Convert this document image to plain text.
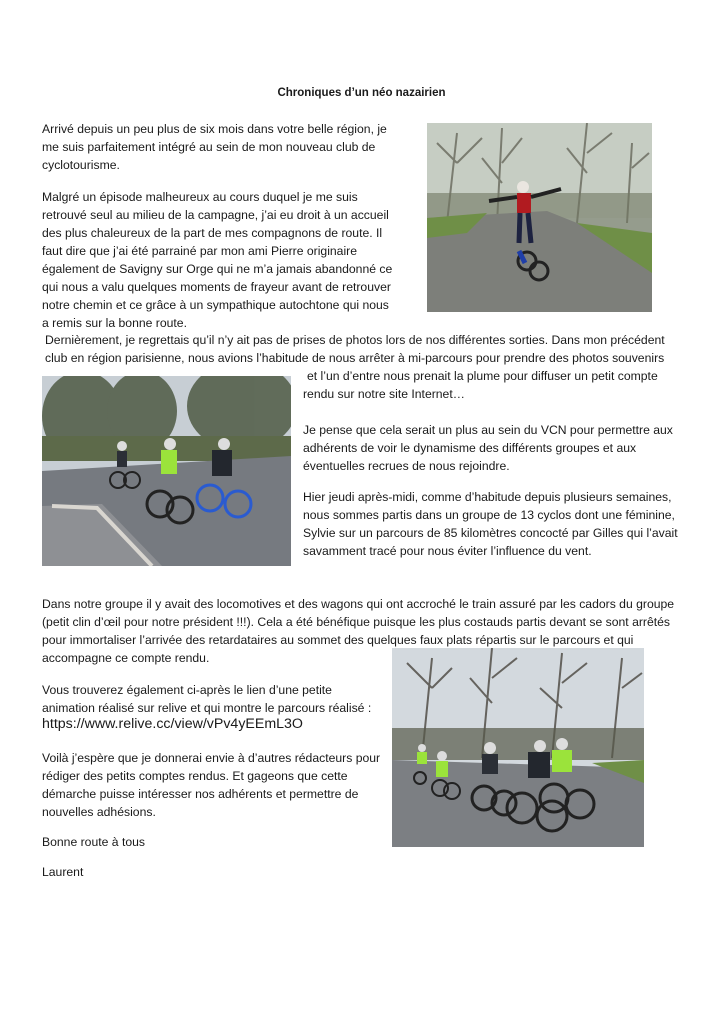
Chroniques d’un néo nazairien

Arrivé depuis un peu plus de six mois dans votre belle région, je me suis parfaitement intégré au sein de mon nouveau club de cyclotourisme.

Malgré un épisode malheureux au cours duquel je me suis retrouvé seul au milieu de la campagne, j’ai eu droit à un accueil des plus chaleureux de la part de mes compagnons de route. Il faut dire que j’ai été parrainé par mon ami Pierre originaire également de Savigny sur Orge qui ne m’a jamais abandonné ce qui nous a valu quelques moments de frayeur avant de retrouver notre chemin et ce grâce à un sympathique autochtone qui nous a remis sur la bonne route.

Dernièrement, je regrettais qu’il n’y ait pas de prises de photos lors de nos différentes sorties. Dans mon précédent

club en région parisienne, nous avions l’habitude de nous arrêter à mi-parcours pour prendre des photos souvenirs

et l’un d’entre nous prenait la plume pour diffuser un petit compte rendu sur notre site Internet…

Je pense que cela serait un plus au sein du VCN pour permettre aux adhérents de voir le dynamisme des différents groupes et aux éventuelles recrues de nous rejoindre.

Hier jeudi après-midi, comme d’habitude depuis plusieurs semaines, nous sommes partis dans un groupe de 13 cyclos dont une féminine, Sylvie sur un parcours de 85 kilomètres concocté par Gilles qui l’avait savamment tracé pour nous éviter l’influence du vent.

Dans notre groupe il y avait des locomotives et des wagons qui ont accroché le train assuré par les cadors du groupe (petit clin d’œil pour notre président !!!). Cela a été bénéfique puisque les plus costauds partis devant se sont arrêtés pour immortaliser l’arrivée des retardataires au sommet des quelques faux plats répartis sur le parcours et qui accompagne ce compte rendu.

Vous trouverez également ci-après le lien d’une petite animation réalisé sur relive et qui montre le parcours réalisé :

https://www.relive.cc/view/vPv4yEEmL3O

Voilà j’espère que je donnerai envie à d’autres rédacteurs pour rédiger des petits comptes rendus. Et gageons que cette démarche puisse intéresser nos adhérents et permettre de nouvelles adhésions.

Bonne route à tous

Laurent
